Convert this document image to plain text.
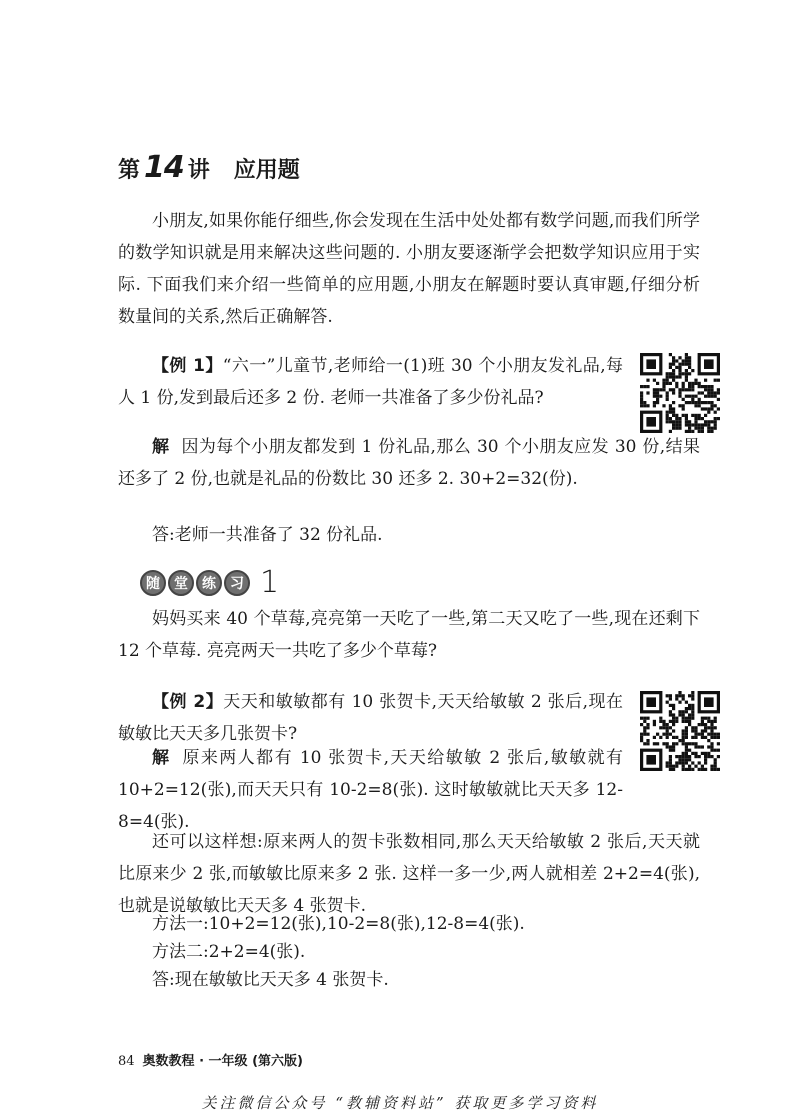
第 14 讲 应用题

小朋友,如果你能仔细些,你会发现在生活中处处都有数学问题,而我们所学的数学知识就是用来解决这些问题的. 小朋友要逐渐学会把数学知识应用于实际. 下面我们来介绍一些简单的应用题,小朋友在解题时要认真审题,仔细分析数量间的关系,然后正确解答.

【例 1】“六一”儿童节,老师给一(1)班 30 个小朋友发礼品,每人 1 份,发到最后还多 2 份. 老师一共准备了多少份礼品?

解 因为每个小朋友都发到 1 份礼品,那么 30 个小朋友应发 30 份,结果还多了 2 份,也就是礼品的份数比 30 还多 2. 30+2=32(份).

答:老师一共准备了 32 份礼品.

随	堂	练	习 1

妈妈买来 40 个草莓,亮亮第一天吃了一些,第二天又吃了一些,现在还剩下 12 个草莓. 亮亮两天一共吃了多少个草莓?

【例 2】天天和敏敏都有 10 张贺卡,天天给敏敏 2 张后,现在敏敏比天天多几张贺卡?

解 原来两人都有 10 张贺卡,天天给敏敏 2 张后,敏敏就有 10+2=12(张),而天天只有 10-2=8(张). 这时敏敏就比天天多 12-8=4(张).

还可以这样想:原来两人的贺卡张数相同,那么天天给敏敏 2 张后,天天就比原来少 2 张,而敏敏比原来多 2 张. 这样一多一少,两人就相差 2+2=4(张),也就是说敏敏比天天多 4 张贺卡.

方法一:10+2=12(张),10-2=8(张),12-8=4(张).

方法二:2+2=4(张).

答:现在敏敏比天天多 4 张贺卡.

84 奥数教程 · 一年级 (第六版)
关注微信公众号 “教辅资料站” 获取更多学习资料
